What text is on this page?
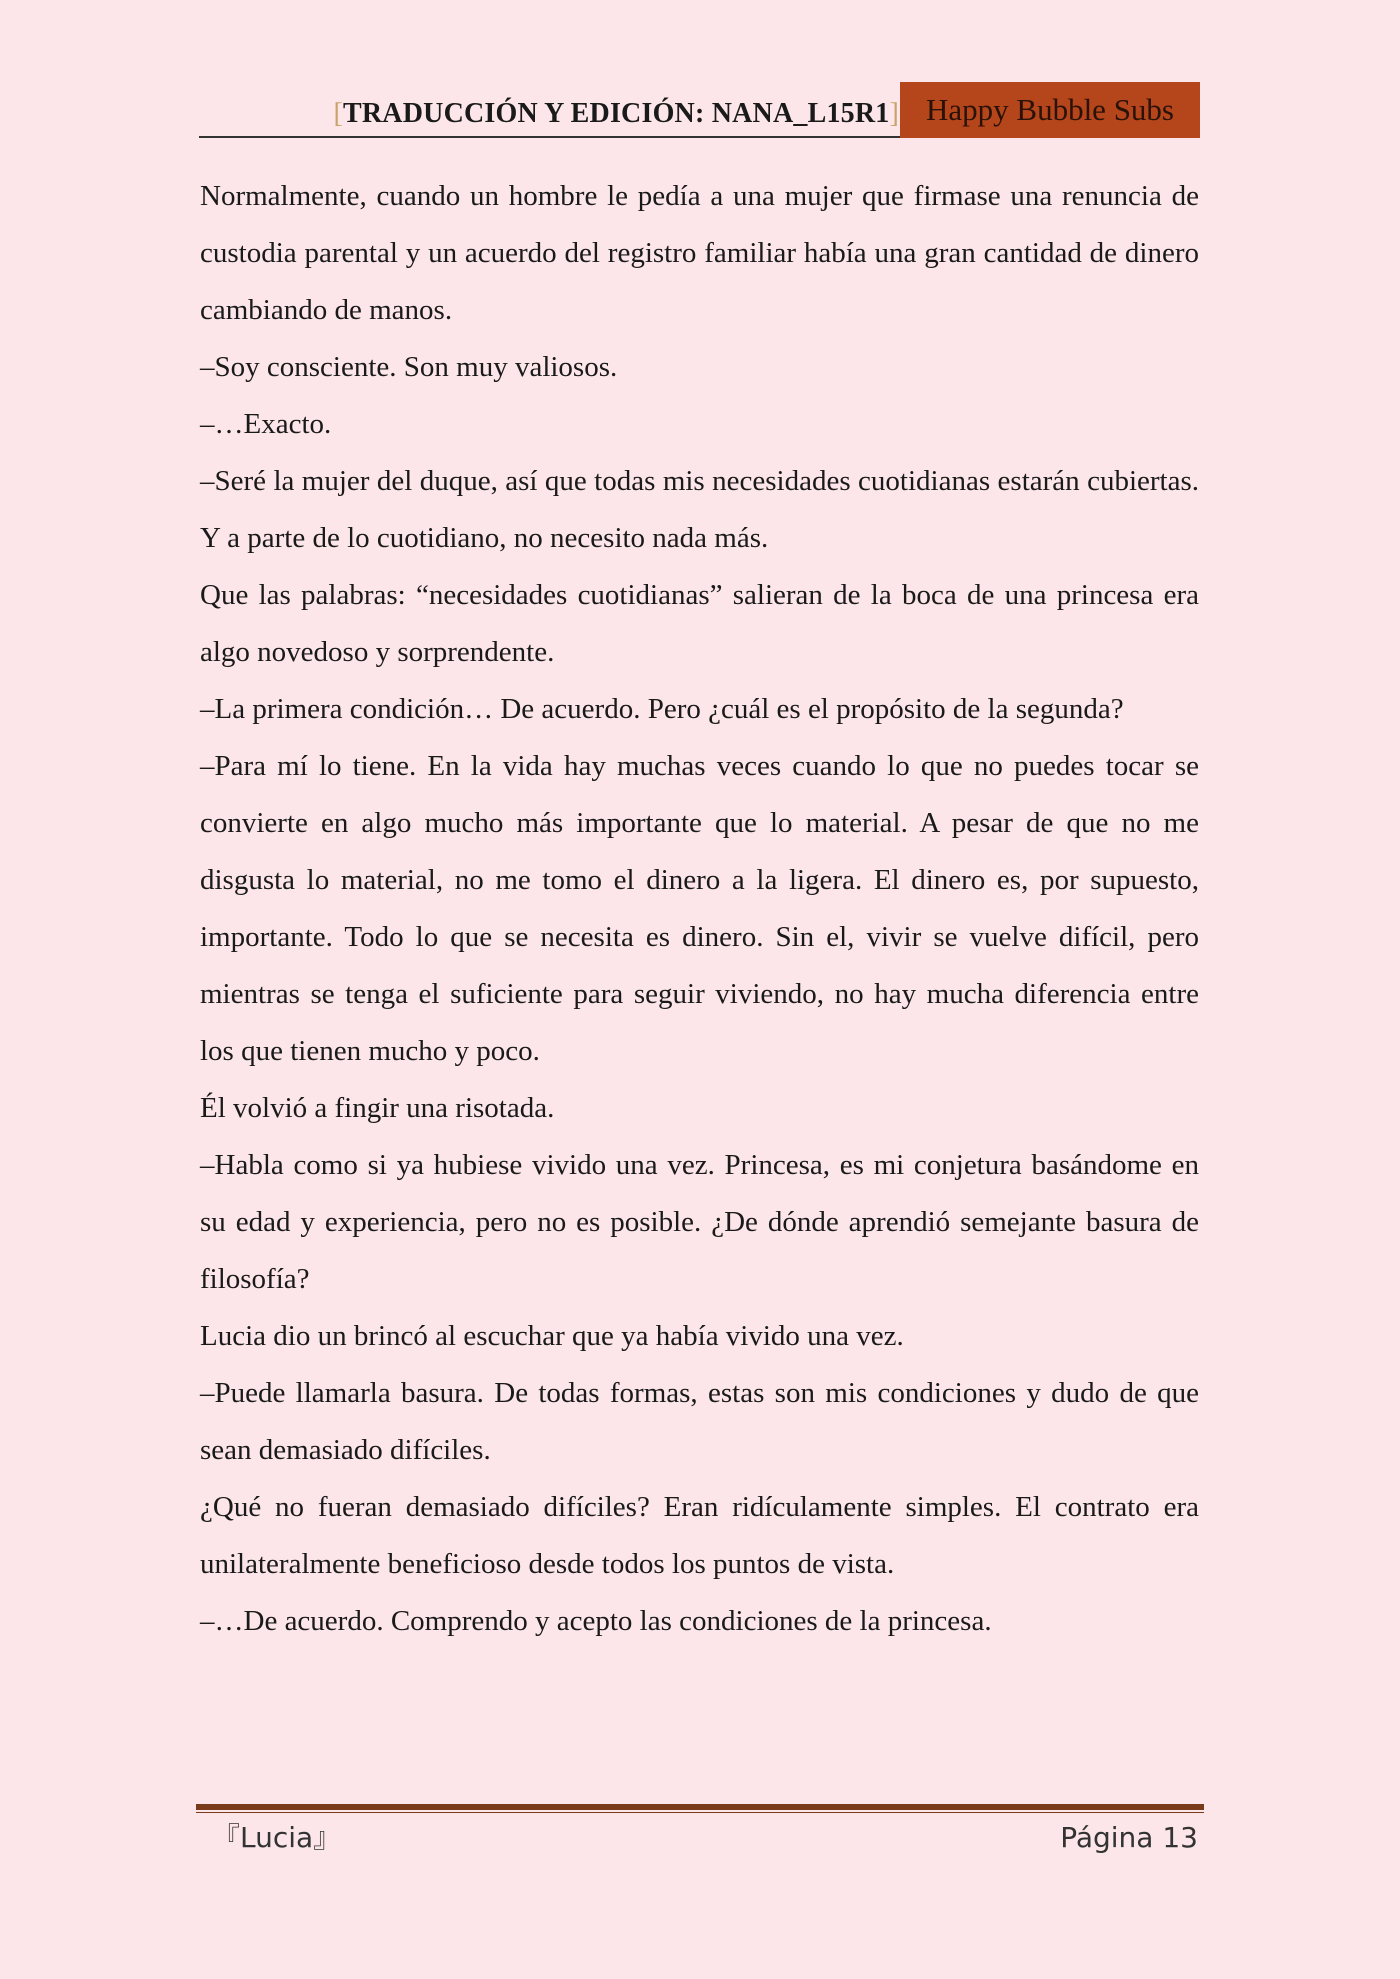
[TRADUCCIÓN Y EDICIÓN: NANA_L15R1] Happy Bubble Subs

Normalmente, cuando un hombre le pedía a una mujer que firmase una renuncia de custodia parental y un acuerdo del registro familiar había una gran cantidad de dinero cambiando de manos.

–Soy consciente. Son muy valiosos.

–…Exacto.

–Seré la mujer del duque, así que todas mis necesidades cuotidianas estarán cubiertas. Y a parte de lo cuotidiano, no necesito nada más.

Que las palabras: “necesidades cuotidianas” salieran de la boca de una princesa era algo novedoso y sorprendente.

–La primera condición… De acuerdo. Pero ¿cuál es el propósito de la segunda?

–Para mí lo tiene. En la vida hay muchas veces cuando lo que no puedes tocar se convierte en algo mucho más importante que lo material. A pesar de que no me disgusta lo material, no me tomo el dinero a la ligera. El dinero es, por supuesto, importante. Todo lo que se necesita es dinero. Sin el, vivir se vuelve difícil, pero mientras se tenga el suficiente para seguir viviendo, no hay mucha diferencia entre los que tienen mucho y poco.

Él volvió a fingir una risotada.

–Habla como si ya hubiese vivido una vez. Princesa, es mi conjetura basándome en su edad y experiencia, pero no es posible. ¿De dónde aprendió semejante basura de filosofía?

Lucia dio un brincó al escuchar que ya había vivido una vez.

–Puede llamarla basura. De todas formas, estas son mis condiciones y dudo de que sean demasiado difíciles.

¿Qué no fueran demasiado difíciles? Eran ridículamente simples. El contrato era unilateralmente beneficioso desde todos los puntos de vista.

–…De acuerdo. Comprendo y acepto las condiciones de la princesa.

『Lucia』	Página 13
